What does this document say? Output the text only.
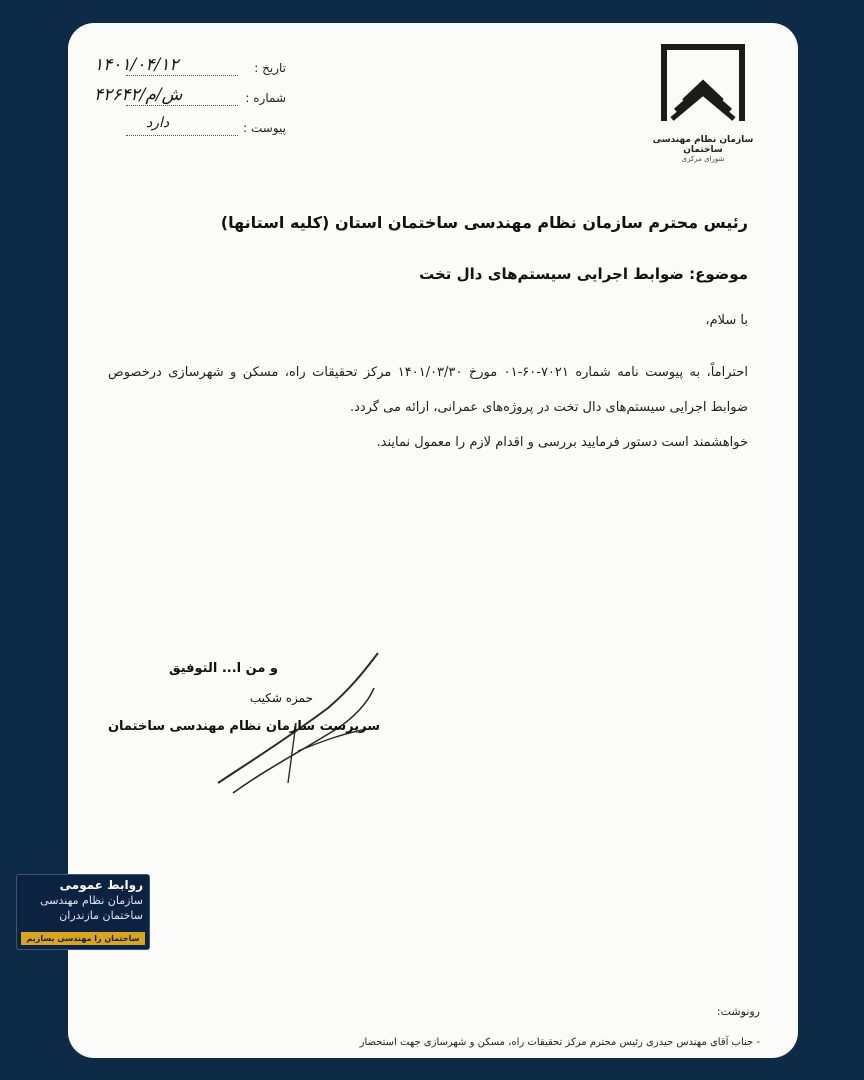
سازمان نظام مهندسی ساختمان
شورای مرکزی
تاریخ :
۱۴۰۱/۰۴/۱۲
شماره :
۴۲۶۴۲/ش/م
پیوست :
دارد
رئیس محترم سازمان نظام مهندسی ساختمان استان (کلیه استانها)
موضوع: ضوابط اجرایی سیستم‌های دال تخت
با سلام،

احتراماً، به پیوست نامه شماره ۷۰۲۱-۶۰-۰۱ مورخ ۱۴۰۱/۰۳/۳۰ مرکز تحقیقات راه، مسکن و شهرسازی درخصوص ضوابط اجرایی سیستم‌های دال تخت در پروژه‌های عمرانی، ارائه می گردد.

خواهشمند است دستور فرمایید بررسی و اقدام لازم را معمول نمایند.

و من ا... التوفیق
حمزه شکیب
سرپرست سازمان نظام مهندسی ساختمان
رونوشت:
- جناب آقای مهندس حیدری رئیس محترم مرکز تحقیقات راه، مسکن و شهرسازی جهت استحضار
روابط عمومی
سازمان نظام مهندسی
ساختمان مازندران
ساختمان را مهندسی بسازیم
